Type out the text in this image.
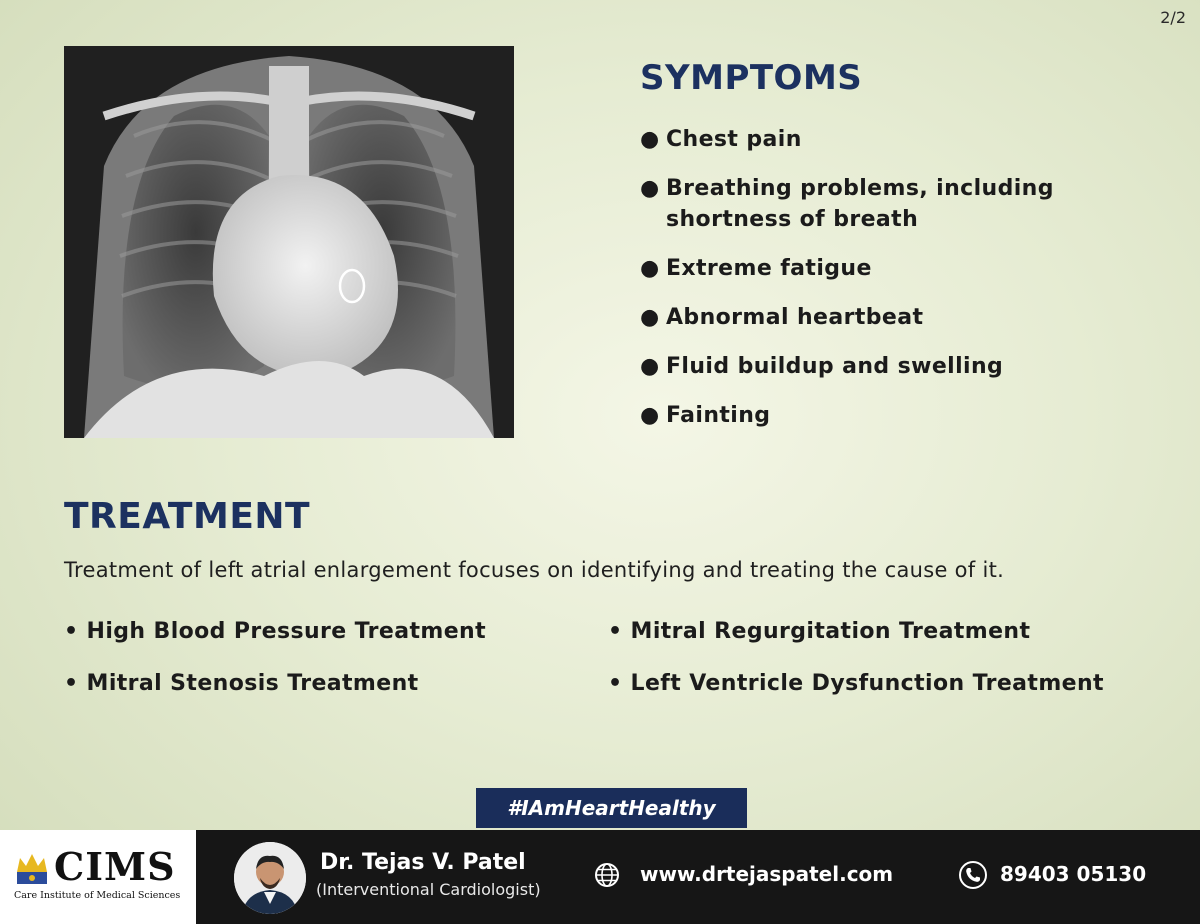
2/2
SYMPTOMS
● Chest pain
● Breathing problems, including shortness of breath
● Extreme fatigue
● Abnormal heartbeat
● Fluid buildup and swelling
● Fainting
TREATMENT
Treatment of left atrial enlargement focuses on identifying and treating the cause of it.
• High Blood Pressure Treatment	• Mitral Regurgitation Treatment
• Mitral Stenosis Treatment	• Left Ventricle Dysfunction Treatment
#IAmHeartHealthy
CIMS
Care Institute of Medical Sciences
Dr. Tejas V. Patel
(Interventional Cardiologist)
www.drtejaspatel.com	89403 05130
